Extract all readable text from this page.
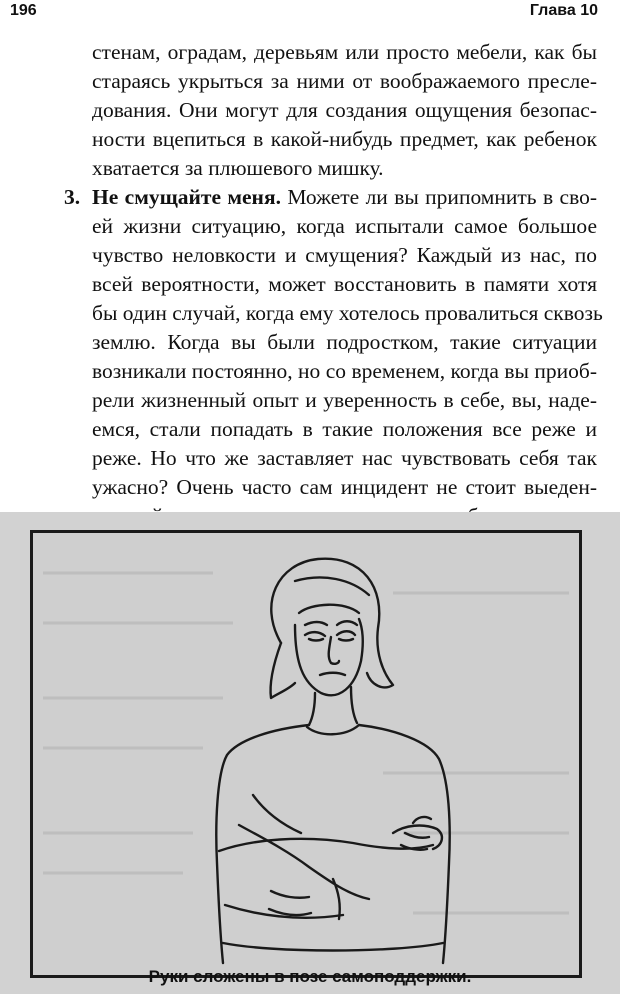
196	Глава 10
стенам, оградам, деревьям или просто мебели, как бы
стараясь укрыться за ними от воображаемого пресле-
дования. Они могут для создания ощущения безопас-
ности вцепиться в какой-нибудь предмет, как ребенок
хватается за плюшевого мишку.
3. Не смущайте меня. Можете ли вы припомнить в сво-
ей жизни ситуацию, когда испытали самое большое
чувство неловкости и смущения? Каждый из нас, по
всей вероятности, может восстановить в памяти хотя
бы один случай, когда ему хотелось провалиться сквозь
землю. Когда вы были подростком, такие ситуации
возникали постоянно, но со временем, когда вы приоб-
рели жизненный опыт и уверенность в себе, вы, наде-
емся, стали попадать в такие положения все реже и
реже. Но что же заставляет нас чувствовать себя так
ужасно? Очень часто сам инцидент не стоит выеден-
Руки сложены в позе самоподдержки.
